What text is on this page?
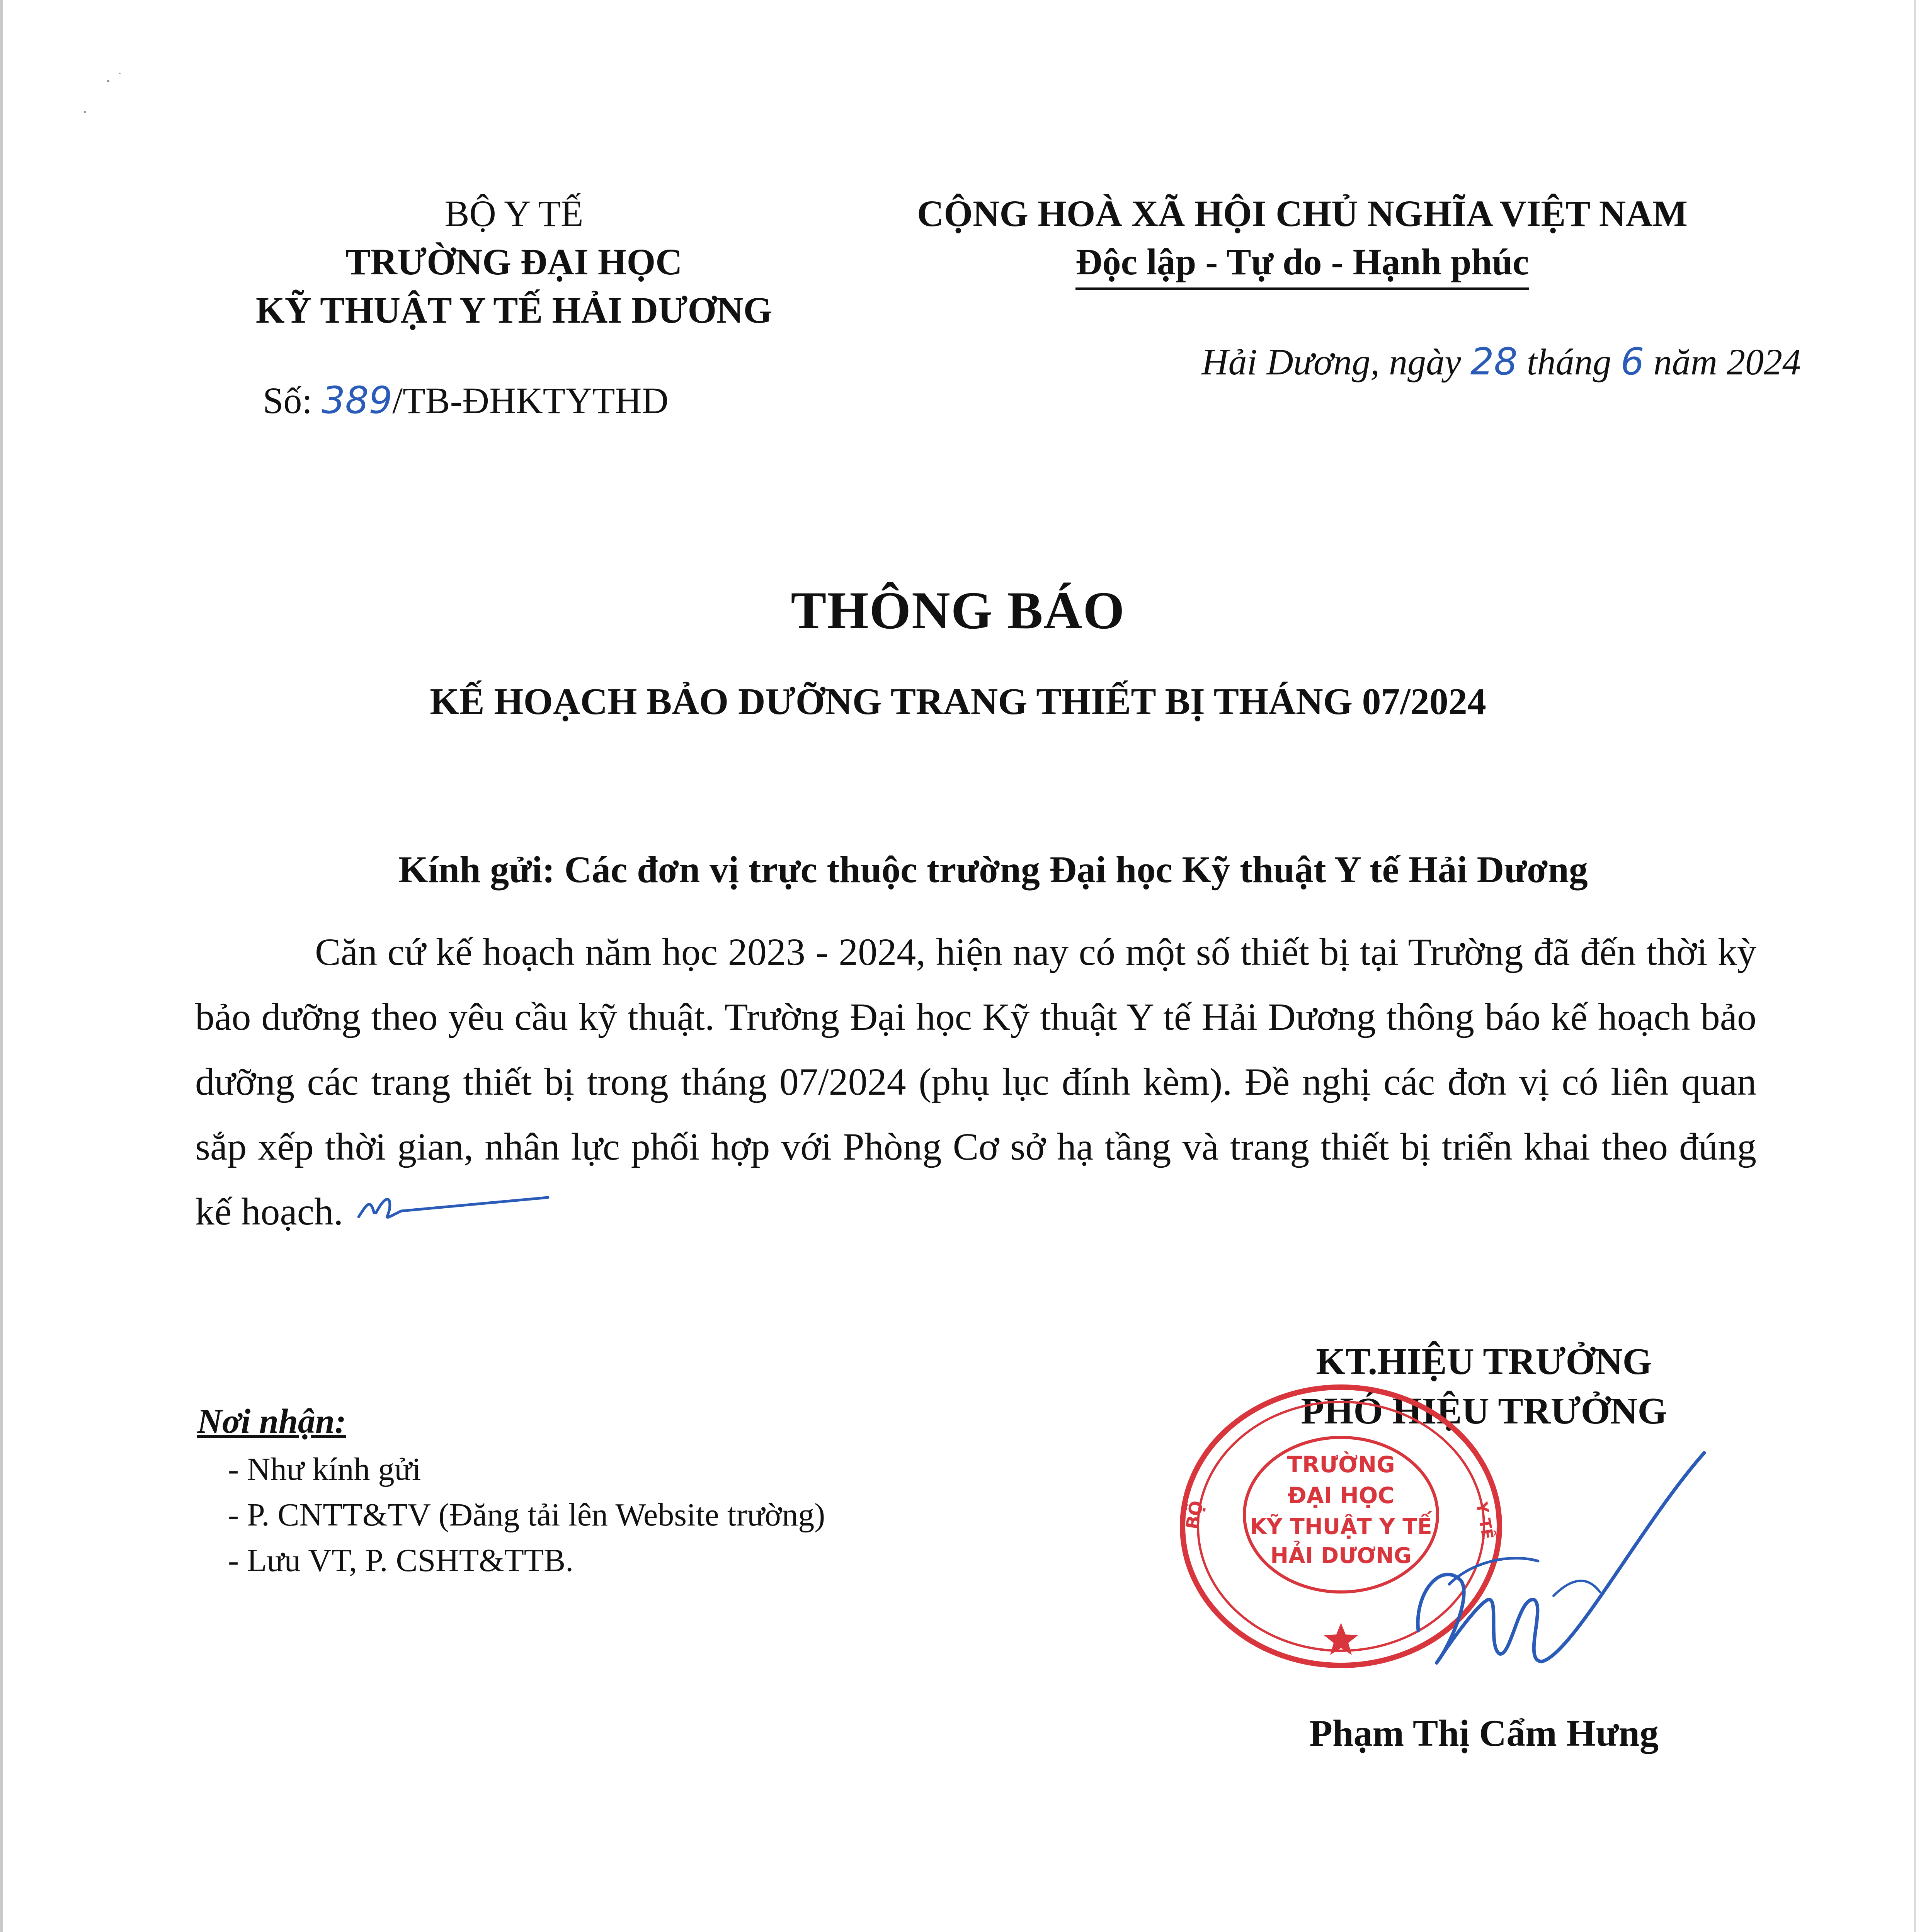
BỘ Y TẾ
TRƯỜNG ĐẠI HỌC
KỸ THUẬT Y TẾ HẢI DƯƠNG
CỘNG HOÀ XÃ HỘI CHỦ NGHĨA VIỆT NAM
Độc lập - Tự do - Hạnh phúc
Hải Dương, ngày 28 tháng 6 năm 2024
Số: 389/TB-ĐHKTYTHD
THÔNG BÁO
KẾ HOẠCH BẢO DƯỠNG TRANG THIẾT BỊ THÁNG 07/2024
Kính gửi: Các đơn vị trực thuộc trường Đại học Kỹ thuật Y tế Hải Dương

Căn cứ kế hoạch năm học 2023 - 2024, hiện nay có một số thiết bị tại Trường đã đến thời kỳ bảo dưỡng theo yêu cầu kỹ thuật. Trường Đại học Kỹ thuật Y tế Hải Dương thông báo kế hoạch bảo dưỡng các trang thiết bị trong tháng 07/2024 (phụ lục đính kèm). Đề nghị các đơn vị có liên quan sắp xếp thời gian, nhân lực phối hợp với Phòng Cơ sở hạ tầng và trang thiết bị triển khai theo đúng kế hoạch.

Nơi nhận:
- Như kính gửi
- P. CNTT&TV (Đăng tải lên Website trường)
- Lưu VT, P. CSHT&TTB.
KT.HIỆU TRƯỞNG
PHÓ HIỆU TRƯỞNG
BỘ	Y TẾ
TRƯỜNG
ĐẠI HỌC
KỸ THUẬT Y TẾ
HẢI DƯƠNG
Phạm Thị Cẩm Hưng
